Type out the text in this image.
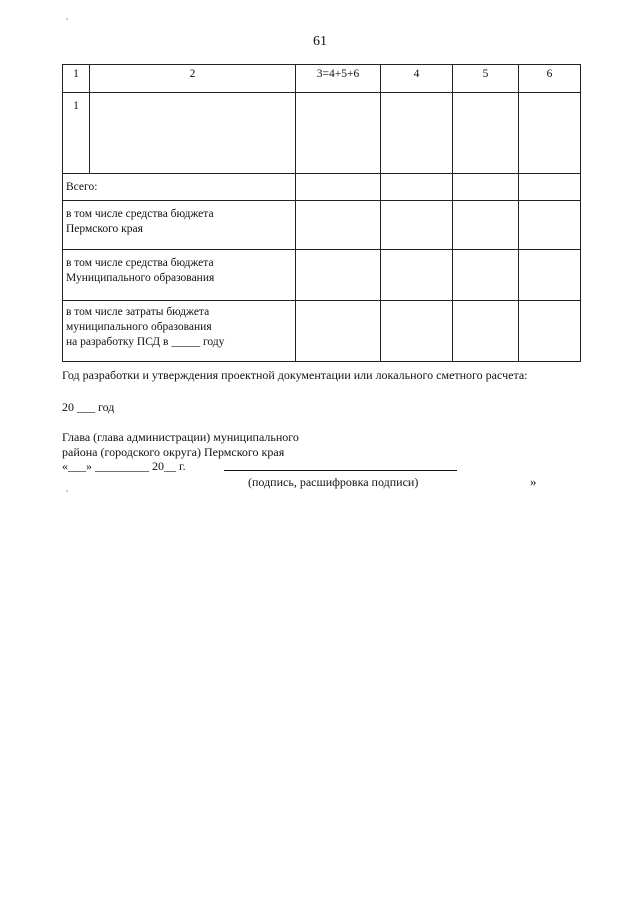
61
1	2	3=4+5+6	4	5	6
1					

Всего:					

в том числе средства бюджета
Пермского края					

в том числе средства бюджета
Муниципального образования					

в том числе затраты бюджета
муниципального образования
на разработку ПСД в _____ году					

Год разработки и утверждения проектной документации или локального сметного расчета:
20 ___ год
Глава (глава администрации) муниципального
района (городского округа) Пермского края
«___» _________ 20__ г.
(подпись, расшифровка подписи)	»
